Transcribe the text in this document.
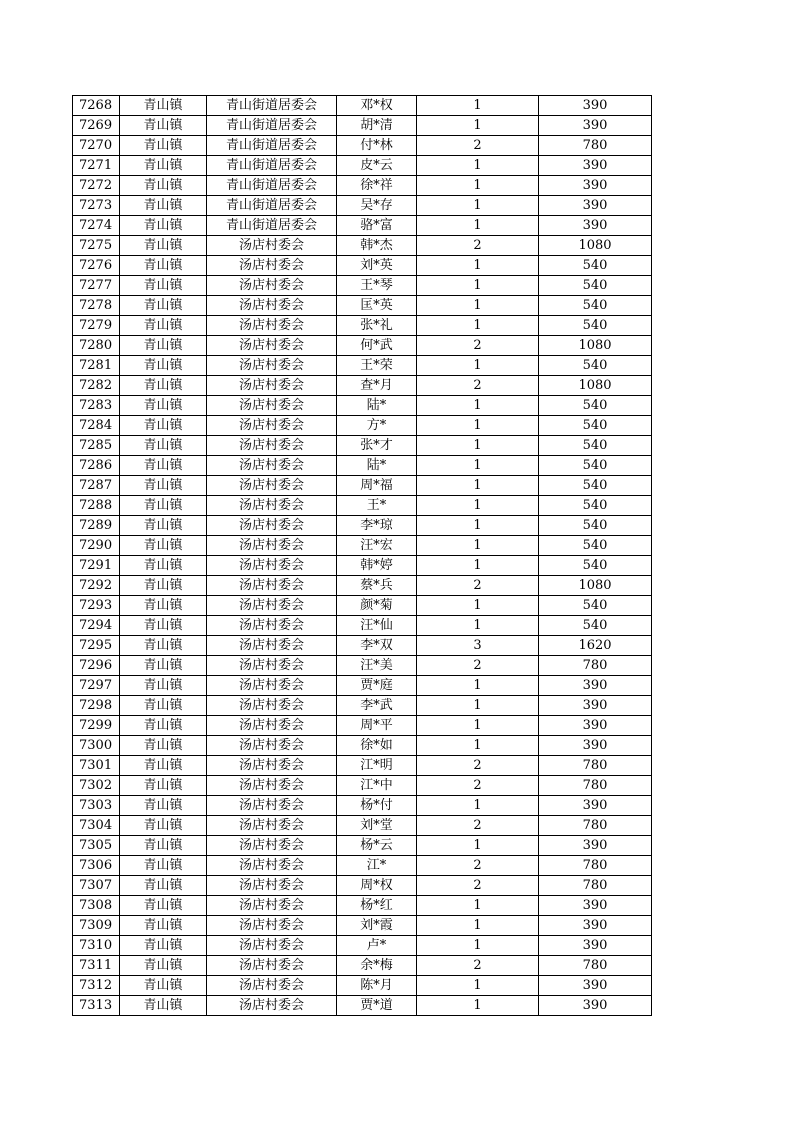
7268	青山镇	青山街道居委会	邓*权	1	390
7269	青山镇	青山街道居委会	胡*清	1	390
7270	青山镇	青山街道居委会	付*林	2	780
7271	青山镇	青山街道居委会	皮*云	1	390
7272	青山镇	青山街道居委会	徐*祥	1	390
7273	青山镇	青山街道居委会	吴*存	1	390
7274	青山镇	青山街道居委会	骆*富	1	390
7275	青山镇	汤店村委会	韩*杰	2	1080
7276	青山镇	汤店村委会	刘*英	1	540
7277	青山镇	汤店村委会	王*琴	1	540
7278	青山镇	汤店村委会	匡*英	1	540
7279	青山镇	汤店村委会	张*礼	1	540
7280	青山镇	汤店村委会	何*武	2	1080
7281	青山镇	汤店村委会	王*荣	1	540
7282	青山镇	汤店村委会	查*月	2	1080
7283	青山镇	汤店村委会	陆*	1	540
7284	青山镇	汤店村委会	方*	1	540
7285	青山镇	汤店村委会	张*才	1	540
7286	青山镇	汤店村委会	陆*	1	540
7287	青山镇	汤店村委会	周*福	1	540
7288	青山镇	汤店村委会	王*	1	540
7289	青山镇	汤店村委会	李*琼	1	540
7290	青山镇	汤店村委会	汪*宏	1	540
7291	青山镇	汤店村委会	韩*婷	1	540
7292	青山镇	汤店村委会	蔡*兵	2	1080
7293	青山镇	汤店村委会	颜*菊	1	540
7294	青山镇	汤店村委会	汪*仙	1	540
7295	青山镇	汤店村委会	李*双	3	1620
7296	青山镇	汤店村委会	汪*美	2	780
7297	青山镇	汤店村委会	贾*庭	1	390
7298	青山镇	汤店村委会	李*武	1	390
7299	青山镇	汤店村委会	周*平	1	390
7300	青山镇	汤店村委会	徐*如	1	390
7301	青山镇	汤店村委会	江*明	2	780
7302	青山镇	汤店村委会	江*中	2	780
7303	青山镇	汤店村委会	杨*付	1	390
7304	青山镇	汤店村委会	刘*堂	2	780
7305	青山镇	汤店村委会	杨*云	1	390
7306	青山镇	汤店村委会	江*	2	780
7307	青山镇	汤店村委会	周*权	2	780
7308	青山镇	汤店村委会	杨*红	1	390
7309	青山镇	汤店村委会	刘*霞	1	390
7310	青山镇	汤店村委会	卢*	1	390
7311	青山镇	汤店村委会	余*梅	2	780
7312	青山镇	汤店村委会	陈*月	1	390
7313	青山镇	汤店村委会	贾*道	1	390
